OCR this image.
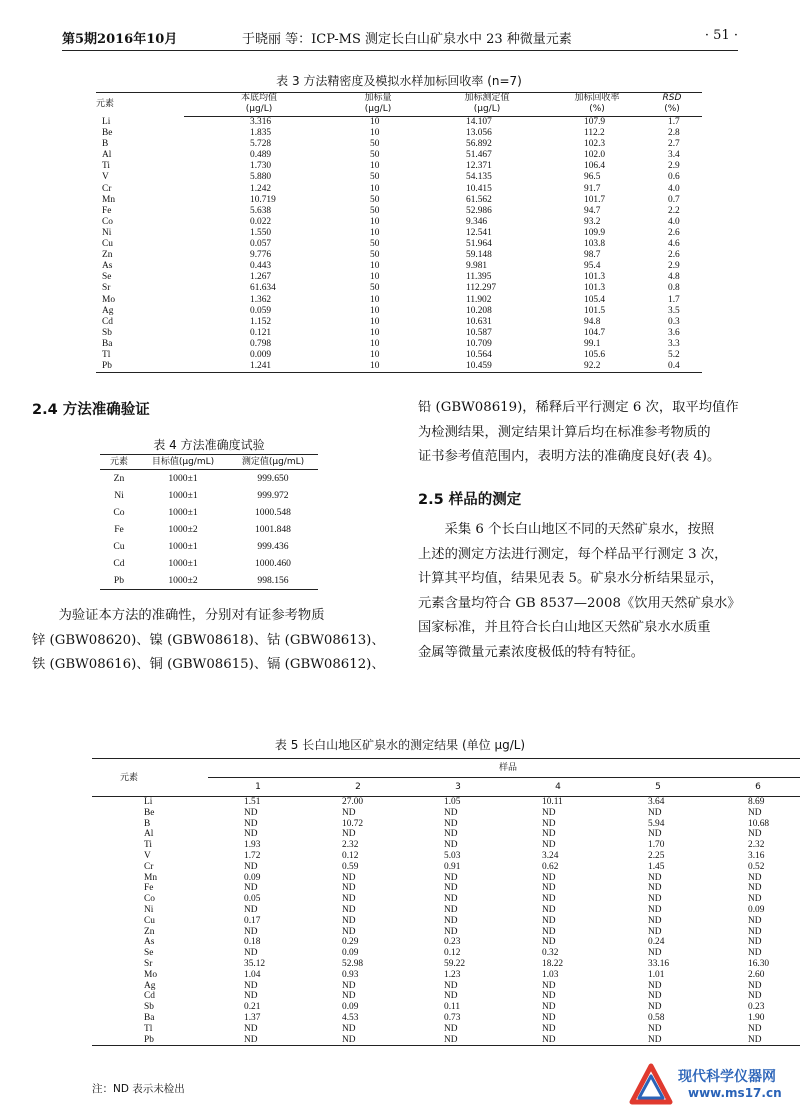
第5期2016年10月	于晓丽 等：ICP-MS 测定长白山矿泉水中 23 种微量元素	· 51 ·
表 3 方法精密度及模拟水样加标回收率 (n=7)
元素	本底均值	加标量	加标测定值	加标回收率	RSD
	(μg/L)	(μg/L)	(μg/L)	(%)	(%)
Li	3.316	10	14.107	107.9	1.7
Be	1.835	10	13.056	112.2	2.8
B	5.728	50	56.892	102.3	2.7
Al	0.489	50	51.467	102.0	3.4
Ti	1.730	10	12.371	106.4	2.9
V	5.880	50	54.135	96.5	0.6
Cr	1.242	10	10.415	91.7	4.0
Mn	10.719	50	61.562	101.7	0.7
Fe	5.638	50	52.986	94.7	2.2
Co	0.022	10	9.346	93.2	4.0
Ni	1.550	10	12.541	109.9	2.6
Cu	0.057	50	51.964	103.8	4.6
Zn	9.776	50	59.148	98.7	2.6
As	0.443	10	9.981	95.4	2.9
Se	1.267	10	11.395	101.3	4.8
Sr	61.634	50	112.297	101.3	0.8
Mo	1.362	10	11.902	105.4	1.7
Ag	0.059	10	10.208	101.5	3.5
Cd	1.152	10	10.631	94.8	0.3
Sb	0.121	10	10.587	104.7	3.6
Ba	0.798	10	10.709	99.1	3.3
Tl	0.009	10	10.564	105.6	5.2
Pb	1.241	10	10.459	92.2	0.4
2.4 方法准确验证
表 4 方法准确度试验
元素	目标值(μg/mL)	测定值(μg/mL)
Zn	1000±1	999.650
Ni	1000±1	999.972
Co	1000±1	1000.548
Fe	1000±2	1001.848
Cu	1000±1	999.436
Cd	1000±1	1000.460
Pb	1000±2	998.156
为验证本方法的准确性，分别对有证参考物质
锌 (GBW08620)、镍 (GBW08618)、钴 (GBW08613)、
铁 (GBW08616)、铜 (GBW08615)、镉 (GBW08612)、
铅 (GBW08619)，稀释后平行测定 6 次，取平均值作
为检测结果，测定结果计算后均在标准参考物质的
证书参考值范围内，表明方法的准确度良好(表 4)。
2.5 样品的测定
采集 6 个长白山地区不同的天然矿泉水，按照
上述的测定方法进行测定，每个样品平行测定 3 次，
计算其平均值，结果见表 5。矿泉水分析结果显示，
元素含量均符合 GB 8537—2008《饮用天然矿泉水》
国家标准，并且符合长白山地区天然矿泉水水质重
金属等微量元素浓度极低的特有特征。
表 5 长白山地区矿泉水的测定结果 (单位 μg/L)
元素	样品					
	1	2	3	4	5	6
Li	1.51	27.00	1.05	10.11	3.64	8.69
Be	ND	ND	ND	ND	ND	ND
B	ND	10.72	ND	ND	5.94	10.68
Al	ND	ND	ND	ND	ND	ND
Ti	1.93	2.32	ND	ND	1.70	2.32
V	1.72	0.12	5.03	3.24	2.25	3.16
Cr	ND	0.59	0.91	0.62	1.45	0.52
Mn	0.09	ND	ND	ND	ND	ND
Fe	ND	ND	ND	ND	ND	ND
Co	0.05	ND	ND	ND	ND	ND
Ni	ND	ND	ND	ND	ND	0.09
Cu	0.17	ND	ND	ND	ND	ND
Zn	ND	ND	ND	ND	ND	ND
As	0.18	0.29	0.23	ND	0.24	ND
Se	ND	0.09	0.12	0.32	ND	ND
Sr	35.12	52.98	59.22	18.22	33.16	16.30
Mo	1.04	0.93	1.23	1.03	1.01	2.60
Ag	ND	ND	ND	ND	ND	ND
Cd	ND	ND	ND	ND	ND	ND
Sb	0.21	0.09	0.11	ND	ND	0.23
Ba	1.37	4.53	0.73	ND	0.58	1.90
Tl	ND	ND	ND	ND	ND	ND
Pb	ND	ND	ND	ND	ND	ND
注：ND 表示未检出
现代科学仪器网
www.ms17.cn
